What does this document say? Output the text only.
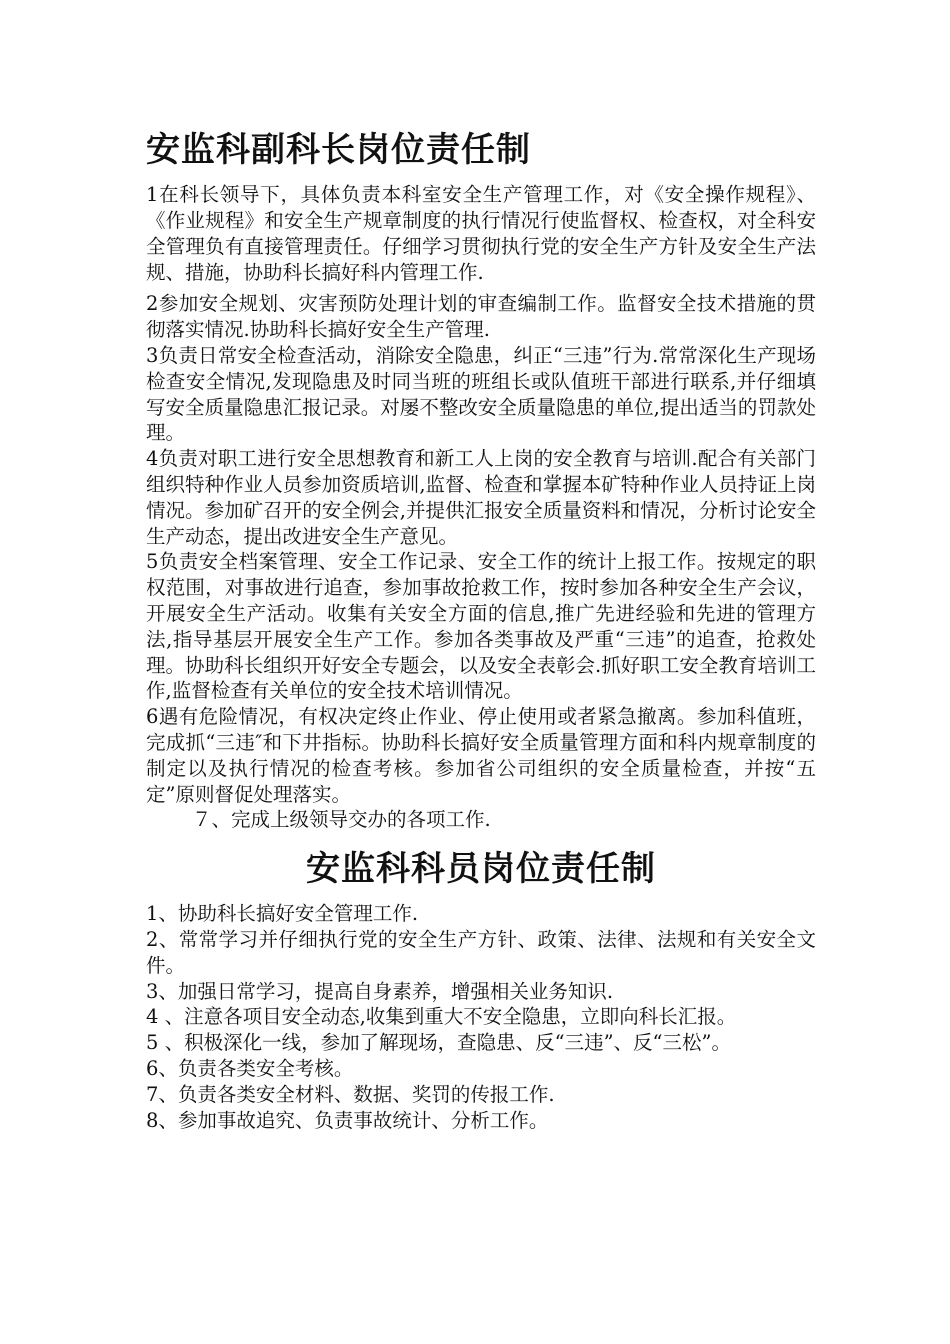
安监科副科长岗位责任制

1在科长领导下，具体负责本科室安全生产管理工作，对《安全操作规程》、《作业规程》和安全生产规章制度的执行情况行使监督权、检查权，对全科安全管理负有直接管理责任。仔细学习贯彻执行党的安全生产方针及安全生产法规、措施，协助科长搞好科内管理工作.

2参加安全规划、灾害预防处理计划的审查编制工作。监督安全技术措施的贯彻落实情况.协助科长搞好安全生产管理.

3负责日常安全检查活动，消除安全隐患，纠正“三违”行为.常常深化生产现场检查安全情况,发现隐患及时同当班的班组长或队值班干部进行联系,并仔细填写安全质量隐患汇报记录。对屡不整改安全质量隐患的单位,提出适当的罚款处理。

4负责对职工进行安全思想教育和新工人上岗的安全教育与培训.配合有关部门组织特种作业人员参加资质培训,监督、检查和掌握本矿特种作业人员持证上岗情况。参加矿召开的安全例会,并提供汇报安全质量资料和情况，分析讨论安全生产动态，提出改进安全生产意见。

5负责安全档案管理、安全工作记录、安全工作的统计上报工作。按规定的职权范围，对事故进行追查，参加事故抢救工作，按时参加各种安全生产会议，开展安全生产活动。收集有关安全方面的信息,推广先进经验和先进的管理方法,指导基层开展安全生产工作。参加各类事故及严重“三违”的追查，抢救处理。协助科长组织开好安全专题会，以及安全表彰会.抓好职工安全教育培训工作,监督检查有关单位的安全技术培训情况。

6遇有危险情况，有权决定终止作业、停止使用或者紧急撤离。参加科值班，完成抓“三违″和下井指标。协助科长搞好安全质量管理方面和科内规章制度的制定以及执行情况的检查考核。参加省公司组织的安全质量检查，并按“五定”原则督促处理落实。

７、完成上级领导交办的各项工作.

安监科科员岗位责任制

1、协助科长搞好安全管理工作.

2、常常学习并仔细执行党的安全生产方针、政策、法律、法规和有关安全文件。

3、加强日常学习，提高自身素养，增强相关业务知识.

4 、注意各项目安全动态,收集到重大不安全隐患，立即向科长汇报。

5 、积极深化一线，参加了解现场，查隐患、反“三违”、反“三松”。

6、负责各类安全考核。

7、负责各类安全材料、数据、奖罚的传报工作.

8、参加事故追究、负责事故统计、分析工作。
